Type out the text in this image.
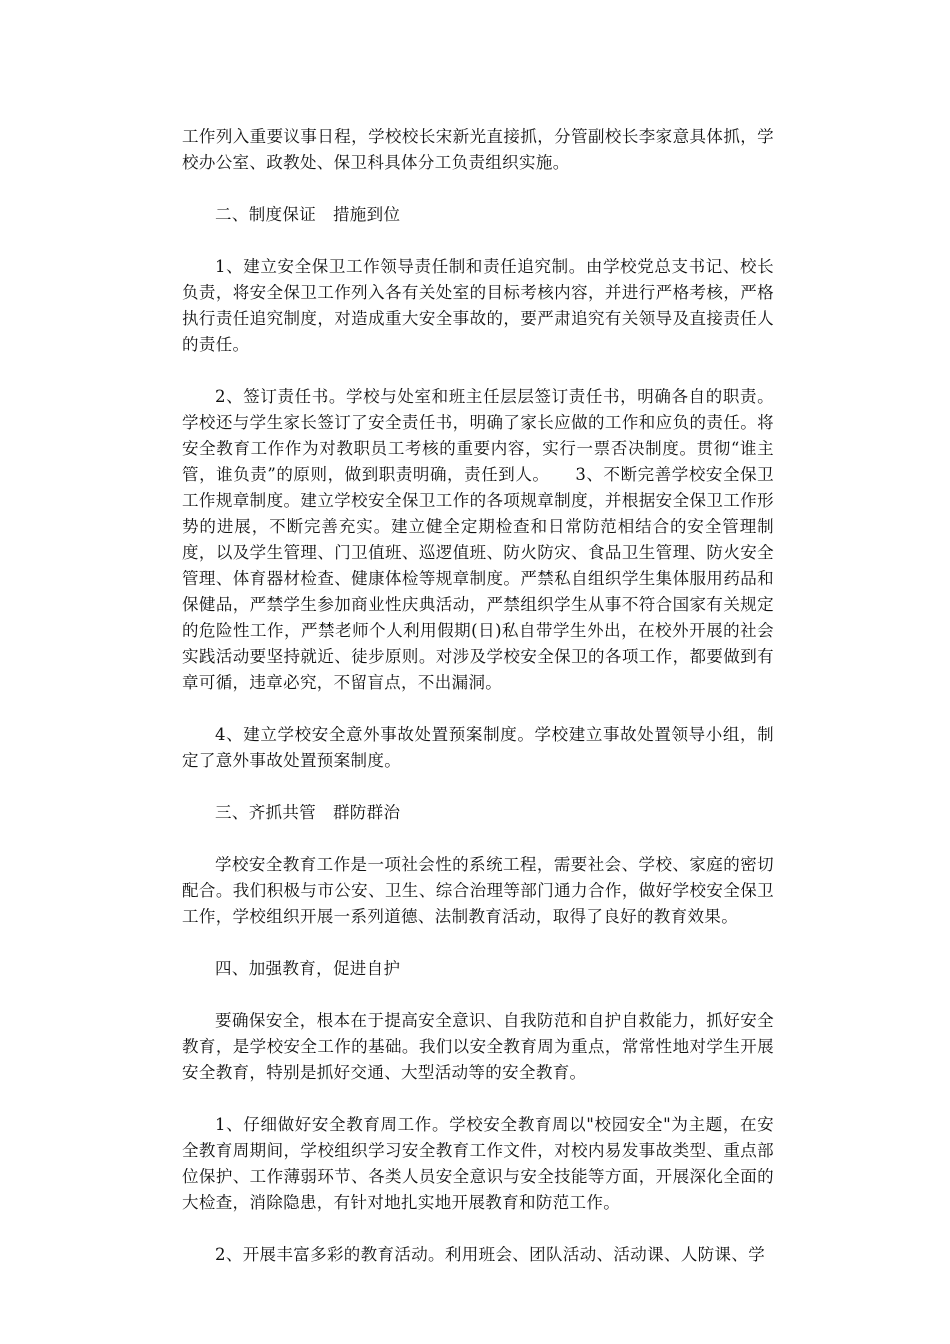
工作列入重要议事日程，学校校长宋新光直接抓，分管副校长李家意具体抓，学校办公室、政教处、保卫科具体分工负责组织实施。

二、制度保证　措施到位

1、建立安全保卫工作领导责任制和责任追究制。由学校党总支书记、校长负责，将安全保卫工作列入各有关处室的目标考核内容，并进行严格考核，严格执行责任追究制度，对造成重大安全事故的，要严肃追究有关领导及直接责任人的责任。

2、签订责任书。学校与处室和班主任层层签订责任书，明确各自的职责。学校还与学生家长签订了安全责任书，明确了家长应做的工作和应负的责任。将安全教育工作作为对教职员工考核的重要内容，实行一票否决制度。贯彻“谁主管，谁负责”的原则，做到职责明确，责任到人。　　3、不断完善学校安全保卫工作规章制度。建立学校安全保卫工作的各项规章制度，并根据安全保卫工作形势的进展，不断完善充实。建立健全定期检查和日常防范相结合的安全管理制度，以及学生管理、门卫值班、巡逻值班、防火防灾、食品卫生管理、防火安全管理、体育器材检查、健康体检等规章制度。严禁私自组织学生集体服用药品和保健品，严禁学生参加商业性庆典活动，严禁组织学生从事不符合国家有关规定的危险性工作，严禁老师个人利用假期(日)私自带学生外出，在校外开展的社会实践活动要坚持就近、徒步原则。对涉及学校安全保卫的各项工作，都要做到有章可循，违章必究，不留盲点，不出漏洞。

4、建立学校安全意外事故处置预案制度。学校建立事故处置领导小组，制定了意外事故处置预案制度。

三、齐抓共管　群防群治

学校安全教育工作是一项社会性的系统工程，需要社会、学校、家庭的密切配合。我们积极与市公安、卫生、综合治理等部门通力合作，做好学校安全保卫工作，学校组织开展一系列道德、法制教育活动，取得了良好的教育效果。

四、加强教育，促进自护

要确保安全，根本在于提高安全意识、自我防范和自护自救能力，抓好安全教育，是学校安全工作的基础。我们以安全教育周为重点，常常性地对学生开展安全教育，特别是抓好交通、大型活动等的安全教育。

1、仔细做好安全教育周工作。学校安全教育周以"校园安全"为主题，在安全教育周期间，学校组织学习安全教育工作文件，对校内易发事故类型、重点部位保护、工作薄弱环节、各类人员安全意识与安全技能等方面，开展深化全面的大检查，消除隐患，有针对地扎实地开展教育和防范工作。

2、开展丰富多彩的教育活动。利用班会、团队活动、活动课、人防课、学
